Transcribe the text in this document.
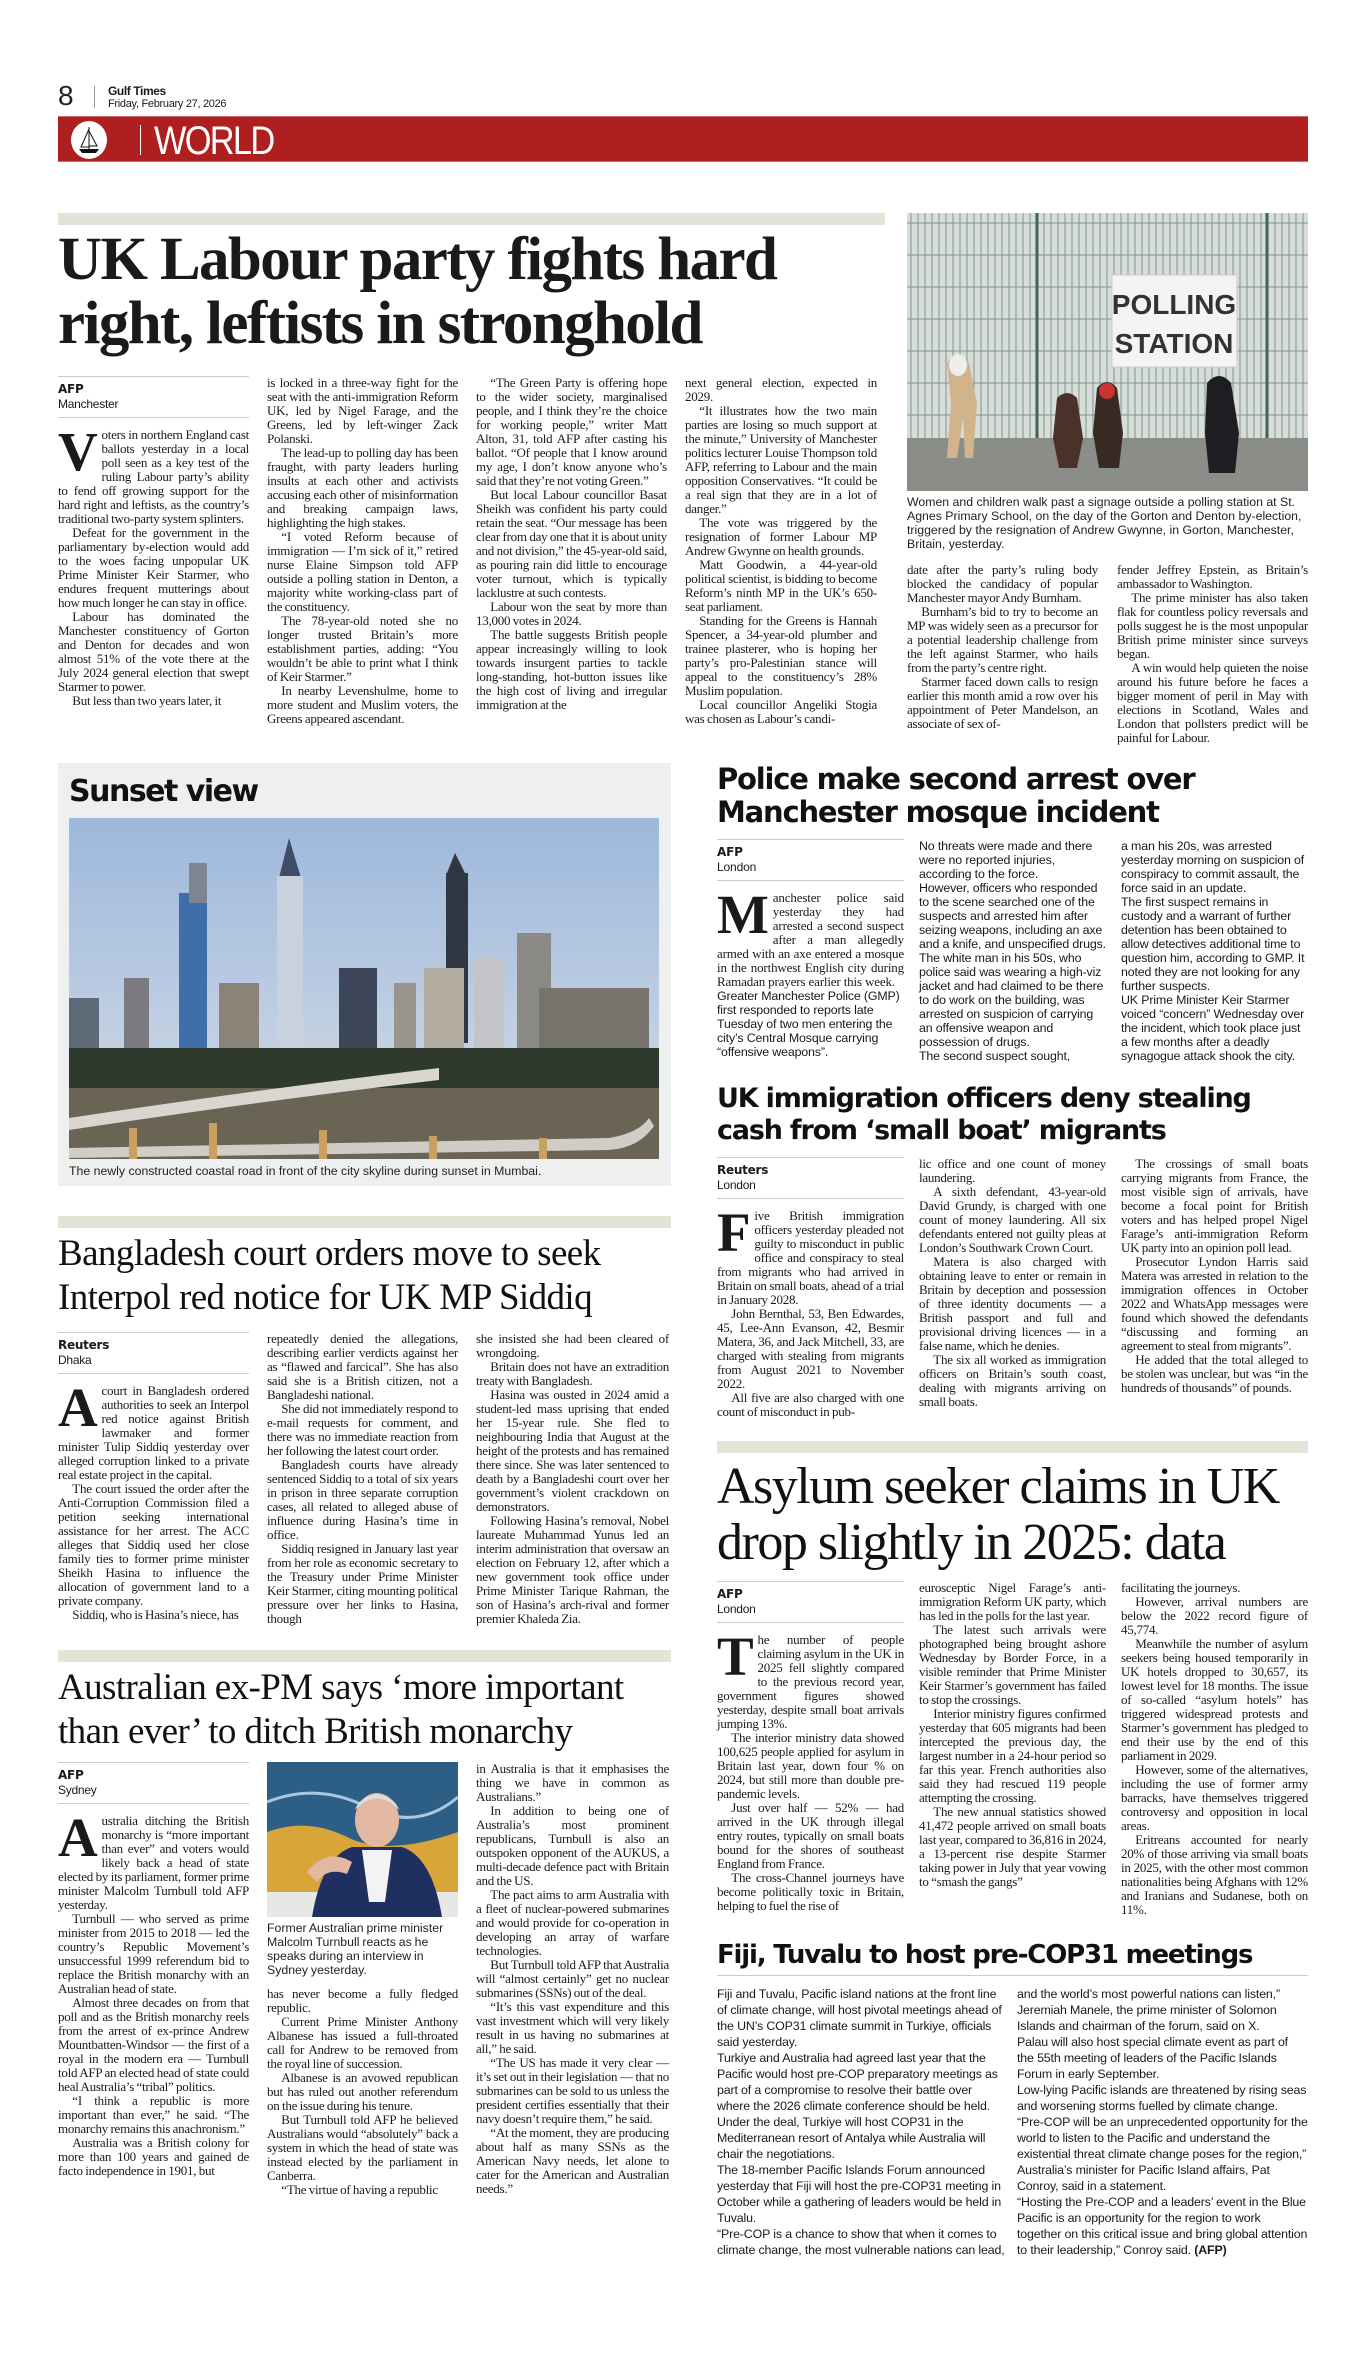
8	Gulf Times
Friday, February 27, 2026
WORLD
UK Labour party fights hard right, leftists in stronghold
AFP
Manchester

Voters in northern England cast ballots yesterday in a local poll seen as a key test of the ruling Labour party’s ability to fend off growing support for the hard right and leftists, as the country’s traditional two-party system splinters.

Defeat for the government in the parliamentary by-election would add to the woes facing unpopular UK Prime Minister Keir Starmer, who endures frequent mutterings about how much longer he can stay in office.

Labour has dominated the Manchester constituency of Gorton and Denton for decades and won almost 51% of the vote there at the July 2024 general election that swept Starmer to power.

But less than two years later, it

is locked in a three-way fight for the seat with the anti-immigration Reform UK, led by Nigel Farage, and the Greens, led by left-winger Zack Polanski.

The lead-up to polling day has been fraught, with party leaders hurling insults at each other and activists accusing each other of misinformation and breaking campaign laws, highlighting the high stakes.

“I voted Reform because of immigration — I’m sick of it,” retired nurse Elaine Simpson told AFP outside a polling station in Denton, a majority white working-class part of the constituency.

The 78-year-old noted she no longer trusted Britain’s more establishment parties, adding: “You wouldn’t be able to print what I think of Keir Starmer.”

In nearby Levenshulme, home to more student and Muslim voters, the Greens appeared ascendant.

“The Green Party is offering hope to the wider society, marginalised people, and I think they’re the choice for working people,” writer Matt Alton, 31, told AFP after casting his ballot. “Of people that I know around my age, I don’t know anyone who’s said that they’re not voting Green.”

But local Labour councillor Basat Sheikh was confident his party could retain the seat. “Our message has been clear from day one that it is about unity and not division,” the 45-year-old said, as pouring rain did little to encourage voter turnout, which is typically lacklustre at such contests.

Labour won the seat by more than 13,000 votes in 2024.

The battle suggests British people appear increasingly willing to look towards insurgent parties to tackle long-standing, hot-button issues like the high cost of living and irregular immigration at the

next general election, expected in 2029.

“It illustrates how the two main parties are losing so much support at the minute,” University of Manchester politics lecturer Louise Thompson told AFP, referring to Labour and the main opposition Conservatives. “It could be a real sign that they are in a lot of danger.”

The vote was triggered by the resignation of former Labour MP Andrew Gwynne on health grounds.

Matt Goodwin, a 44-year-old political scientist, is bidding to become Reform’s ninth MP in the UK’s 650-seat parliament.

Standing for the Greens is Hannah Spencer, a 34-year-old plumber and trainee plasterer, who is hoping her party’s pro-Palestinian stance will appeal to the constituency’s 28% Muslim population.

Local councillor Angeliki Stogia was chosen as Labour’s candi-

POLLING
STATION
Women and children walk past a signage outside a polling station at St. Agnes Primary School, on the day of the Gorton and Denton by-election, triggered by the resignation of Andrew Gwynne, in Gorton, Manchester, Britain, yesterday.

date after the party’s ruling body blocked the candidacy of popular Manchester mayor Andy Burnham.

Burnham’s bid to try to become an MP was widely seen as a precursor for a potential leadership challenge from the left against Starmer, who hails from the party’s centre right.

Starmer faced down calls to resign earlier this month amid a row over his appointment of Peter Mandelson, an associate of sex of-

fender Jeffrey Epstein, as Britain’s ambassador to Washington.

The prime minister has also taken flak for countless policy reversals and polls suggest he is the most unpopular British prime minister since surveys began.

A win would help quieten the noise around his future before he faces a bigger moment of peril in May with elections in Scotland, Wales and London that pollsters predict will be painful for Labour.

Sunset view
The newly constructed coastal road in front of the city skyline during sunset in Mumbai.
Bangladesh court orders move to seek Interpol red notice for UK MP Siddiq
Reuters
Dhaka

A court in Bangladesh ordered authorities to seek an Interpol red notice against British lawmaker and former minister Tulip Siddiq yesterday over alleged corruption linked to a private real estate project in the capital.

The court issued the order after the Anti-Corruption Commission filed a petition seeking international assistance for her arrest. The ACC alleges that Siddiq used her close family ties to former prime minister Sheikh Hasina to influence the allocation of government land to a private company.

Siddiq, who is Hasina’s niece, has

repeatedly denied the allegations, describing earlier verdicts against her as “flawed and farcical”. She has also said she is a British citizen, not a Bangladeshi national.

She did not immediately respond to e-mail requests for comment, and there was no immediate reaction from her following the latest court order.

Bangladesh courts have already sentenced Siddiq to a total of six years in prison in three separate corruption cases, all related to alleged abuse of influence during Hasina’s time in office.

Siddiq resigned in January last year from her role as economic secretary to the Treasury under Prime Minister Keir Starmer, citing mounting political pressure over her links to Hasina, though

she insisted she had been cleared of wrongdoing.

Britain does not have an extradition treaty with Bangladesh.

Hasina was ousted in 2024 amid a student-led mass uprising that ended her 15-year rule. She fled to neighbouring India that August at the height of the protests and has remained there since. She was later sentenced to death by a Bangladeshi court over her government’s violent crackdown on demonstrators.

Following Hasina’s removal, Nobel laureate Muhammad Yunus led an interim administration that oversaw an election on February 12, after which a new government took office under Prime Minister Tarique Rahman, the son of Hasina’s arch-rival and former premier Khaleda Zia.

Australian ex-PM says ‘more important than ever’ to ditch British monarchy
AFP
Sydney

Australia ditching the British monarchy is “more important than ever” and voters would likely back a head of state elected by its parliament, former prime minister Malcolm Turnbull told AFP yesterday.

Turnbull — who served as prime minister from 2015 to 2018 — led the country’s Republic Movement’s unsuccessful 1999 referendum bid to replace the British monarchy with an Australian head of state.

Almost three decades on from that poll and as the British monarchy reels from the arrest of ex-prince Andrew Mountbatten-Windsor — the first of a royal in the modern era — Turnbull told AFP an elected head of state could heal Australia’s “tribal” politics.

“I think a republic is more important than ever,” he said. “The monarchy remains this anachronism.”

Australia was a British colony for more than 100 years and gained de facto independence in 1901, but

Former Australian prime minister Malcolm Turnbull reacts as he speaks during an interview in Sydney yesterday.

has never become a fully fledged republic.

Current Prime Minister Anthony Albanese has issued a full-throated call for Andrew to be removed from the royal line of succession.

Albanese is an avowed republican but has ruled out another referendum on the issue during his tenure.

But Turnbull told AFP he believed Australians would “absolutely” back a system in which the head of state was instead elected by the parliament in Canberra.

“The virtue of having a republic

in Australia is that it emphasises the thing we have in common as Australians.”

In addition to being one of Australia’s most prominent republicans, Turnbull is also an outspoken opponent of the AUKUS, a multi-decade defence pact with Britain and the US.

The pact aims to arm Australia with a fleet of nuclear-powered submarines and would provide for co-operation in developing an array of warfare technologies.

But Turnbull told AFP that Australia will “almost certainly” get no nuclear submarines (SSNs) out of the deal.

“It’s this vast expenditure and this vast investment which will very likely result in us having no submarines at all,” he said.

“The US has made it very clear — it’s set out in their legislation — that no submarines can be sold to us unless the president certifies essentially that their navy doesn’t require them,” he said.

“At the moment, they are producing about half as many SSNs as the American Navy needs, let alone to cater for the American and Australian needs.”

Police make second arrest over Manchester mosque incident
AFP
London

Manchester police said yesterday they had arrested a second suspect after a man allegedly armed with an axe entered a mosque in the northwest English city during Ramadan prayers earlier this week.

Greater Manchester Police (GMP) first responded to reports late Tuesday of two men entering the city’s Central Mosque carrying “offensive weapons”.

No threats were made and there were no reported injuries, according to the force.

However, officers who responded to the scene searched one of the suspects and arrested him after seizing weapons, including an axe and a knife, and unspecified drugs.

The white man in his 50s, who police said was wearing a high-viz jacket and had claimed to be there to do work on the building, was arrested on suspicion of carrying an offensive weapon and possession of drugs.

The second suspect sought,

a man his 20s, was arrested yesterday morning on suspicion of conspiracy to commit assault, the force said in an update.

The first suspect remains in custody and a warrant of further detention has been obtained to allow detectives additional time to question him, according to GMP. It noted they are not looking for any further suspects.

UK Prime Minister Keir Starmer voiced “concern” Wednesday over the incident, which took place just a few months after a deadly synagogue attack shook the city.

UK immigration officers deny stealing cash from ‘small boat’ migrants
Reuters
London

Five British immigration officers yesterday pleaded not guilty to misconduct in public office and conspiracy to steal from migrants who had arrived in Britain on small boats, ahead of a trial in January 2028.

John Bernthal, 53, Ben Edwardes, 45, Lee-Ann Evanson, 42, Besmir Matera, 36, and Jack Mitchell, 33, are charged with stealing from migrants from August 2021 to November 2022.

All five are also charged with one count of misconduct in pub-

lic office and one count of money laundering.

A sixth defendant, 43-year-old David Grundy, is charged with one count of money laundering. All six defendants entered not guilty pleas at London’s Southwark Crown Court.

Matera is also charged with obtaining leave to enter or remain in Britain by deception and possession of three identity documents — a British passport and full and provisional driving licences — in a false name, which he denies.

The six all worked as immigration officers on Britain’s south coast, dealing with migrants arriving on small boats.

The crossings of small boats carrying migrants from France, the most visible sign of arrivals, have become a focal point for British voters and has helped propel Nigel Farage’s anti-immigration Reform UK party into an opinion poll lead.

Prosecutor Lyndon Harris said Matera was arrested in relation to the immigration offences in October 2022 and WhatsApp messages were found which showed the defendants “discussing and forming an agreement to steal from migrants”.

He added that the total alleged to be stolen was unclear, but was “in the hundreds of thousands” of pounds.

Asylum seeker claims in UK drop slightly in 2025: data
AFP
London

The number of people claiming asylum in the UK in 2025 fell slightly compared to the previous record year, government figures showed yesterday, despite small boat arrivals jumping 13%.

The interior ministry data showed 100,625 people applied for asylum in Britain last year, down four % on 2024, but still more than double pre-pandemic levels.

Just over half — 52% — had arrived in the UK through illegal entry routes, typically on small boats bound for the shores of southeast England from France.

The cross-Channel journeys have become politically toxic in Britain, helping to fuel the rise of

eurosceptic Nigel Farage’s anti-immigration Reform UK party, which has led in the polls for the last year.

The latest such arrivals were photographed being brought ashore Wednesday by Border Force, in a visible reminder that Prime Minister Keir Starmer’s government has failed to stop the crossings.

Interior ministry figures confirmed yesterday that 605 migrants had been intercepted the previous day, the largest number in a 24-hour period so far this year. French authorities also said they had rescued 119 people attempting the crossing.

The new annual statistics showed 41,472 people arrived on small boats last year, compared to 36,816 in 2024, a 13-percent rise despite Starmer taking power in July that year vowing to “smash the gangs”

facilitating the journeys.

However, arrival numbers are below the 2022 record figure of 45,774.

Meanwhile the number of asylum seekers being housed temporarily in UK hotels dropped to 30,657, its lowest level for 18 months. The issue of so-called “asylum hotels” has triggered widespread protests and Starmer’s government has pledged to end their use by the end of this parliament in 2029.

However, some of the alternatives, including the use of former army barracks, have themselves triggered controversy and opposition in local areas.

Eritreans accounted for nearly 20% of those arriving via small boats in 2025, with the other most common nationalities being Afghans with 12% and Iranians and Sudanese, both on 11%.

Fiji, Tuvalu to host pre-COP31 meetings

Fiji and Tuvalu, Pacific island nations at the front line of climate change, will host pivotal meetings ahead of the UN’s COP31 climate summit in Turkiye, officials said yesterday.

Turkiye and Australia had agreed last year that the Pacific would host pre-COP preparatory meetings as part of a compromise to resolve their battle over where the 2026 climate conference should be held.

Under the deal, Turkiye will host COP31 in the Mediterranean resort of Antalya while Australia will chair the negotiations.

The 18-member Pacific Islands Forum announced yesterday that Fiji will host the pre-COP31 meeting in October while a gathering of leaders would be held in Tuvalu.

“Pre-COP is a chance to show that when it comes to climate change, the most vulnerable nations can lead,

and the world’s most powerful nations can listen,” Jeremiah Manele, the prime minister of Solomon Islands and chairman of the forum, said on X.

Palau will also host special climate event as part of the 55th meeting of leaders of the Pacific Islands Forum in early September.

Low-lying Pacific islands are threatened by rising seas and worsening storms fuelled by climate change.

“Pre-COP will be an unprecedented opportunity for the world to listen to the Pacific and understand the existential threat climate change poses for the region,” Australia’s minister for Pacific Island affairs, Pat Conroy, said in a statement.

“Hosting the Pre-COP and a leaders’ event in the Blue Pacific is an opportunity for the region to work together on this critical issue and bring global attention to their leadership,” Conroy said. (AFP)
